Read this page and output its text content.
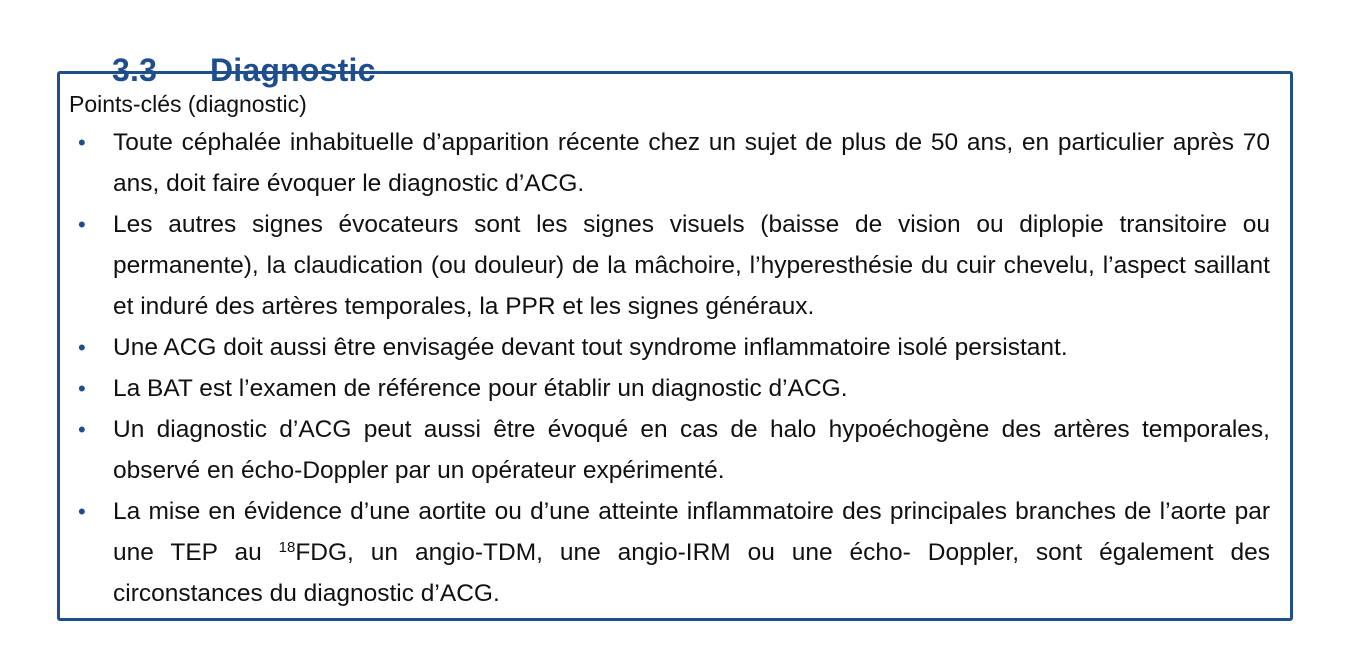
3.3	Diagnostic
Points-clés (diagnostic)
• Toute céphalée inhabituelle d’apparition récente chez un sujet de plus de 50 ans, en particulier après 70 ans, doit faire évoquer le diagnostic d’ACG.
• Les autres signes évocateurs sont les signes visuels (baisse de vision ou diplopie transitoire ou permanente), la claudication (ou douleur) de la mâchoire, l’hyperesthésie du cuir chevelu, l’aspect saillant et induré des artères temporales, la PPR et les signes généraux.
• Une ACG doit aussi être envisagée devant tout syndrome inflammatoire isolé persistant.
• La BAT est l’examen de référence pour établir un diagnostic d’ACG.
• Un diagnostic d’ACG peut aussi être évoqué en cas de halo hypoéchogène des artères temporales, observé en écho-Doppler par un opérateur expérimenté.
• La mise en évidence d’une aortite ou d’une atteinte inflammatoire des principales branches de l’aorte par une TEP au $^{18}$FDG, un angio-TDM, une angio-IRM ou une écho- Doppler, sont également des circonstances du diagnostic d’ACG.
